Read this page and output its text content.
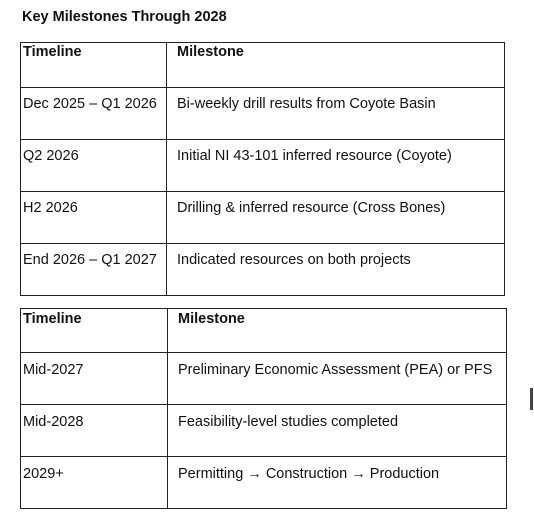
Key Milestones Through 2028
Timeline	Milestone

Dec 2025 – Q1 2026	Bi-weekly drill results from Coyote Basin

Q2 2026	Initial NI 43-101 inferred resource (Coyote)

H2 2026	Drilling & inferred resource (Cross Bones)

End 2026 – Q1 2027	Indicated resources on both projects
Timeline	Milestone

Mid-2027	Preliminary Economic Assessment (PEA) or PFS

Mid-2028	Feasibility-level studies completed

2029+	Permitting → Construction → Production
